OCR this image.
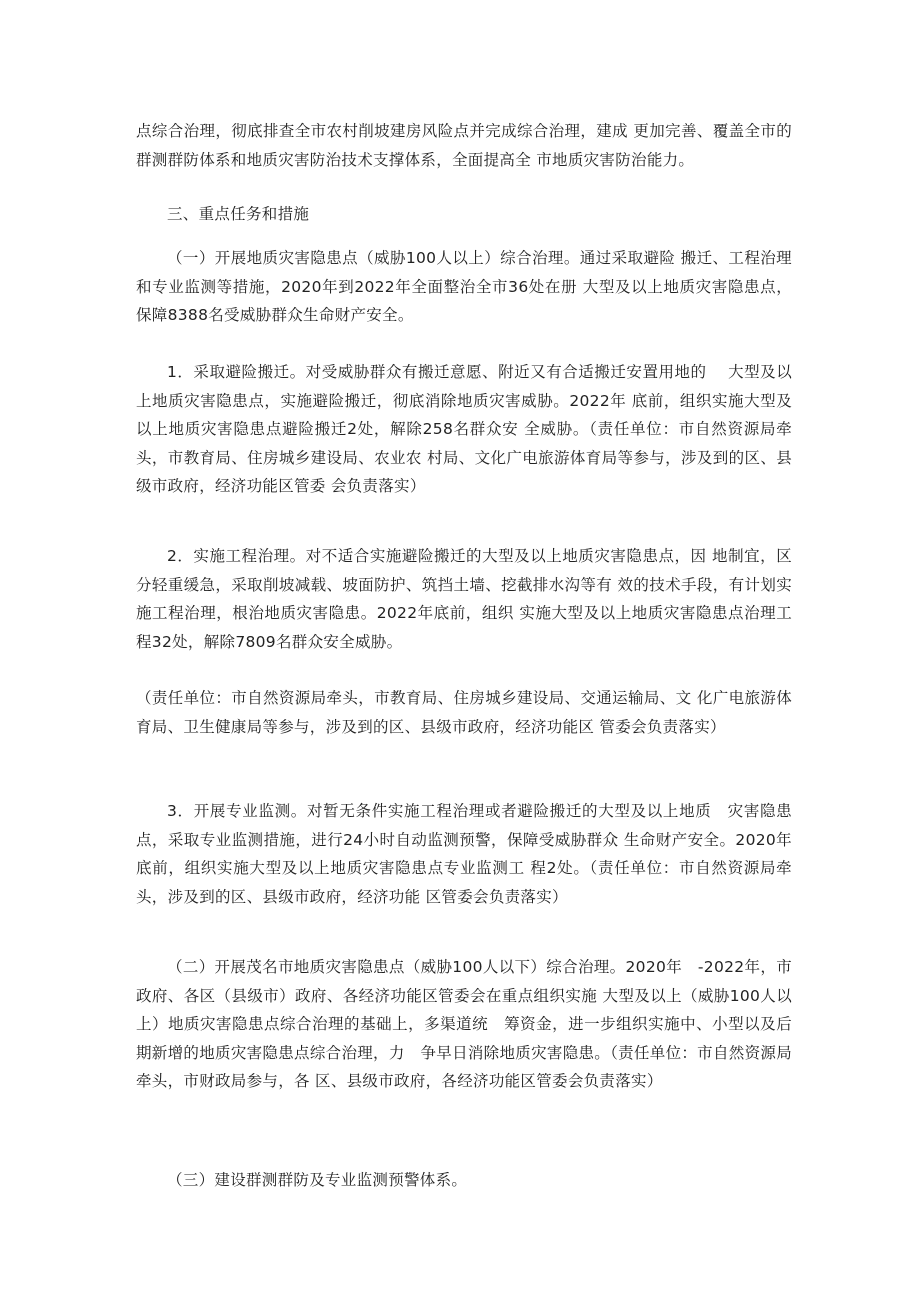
点综合治理，彻底排查全市农村削坡建房风险点并完成综合治理，建成 更加完善、覆盖全市的群测群防体系和地质灾害防治技术支撑体系，全面提高全 市地质灾害防治能力。

三、重点任务和措施

（一）开展地质灾害隐患点（威胁100人以上）综合治理。通过采取避险 搬迁、工程治理和专业监测等措施，2020年到2022年全面整治全市36处在册 大型及以上地质灾害隐患点，保障8388名受威胁群众生命财产安全。

1．采取避险搬迁。对受威胁群众有搬迁意愿、附近又有合适搬迁安置用地的　 大型及以上地质灾害隐患点，实施避险搬迁，彻底消除地质灾害威胁。2022年 底前，组织实施大型及以上地质灾害隐患点避险搬迁2处，解除258名群众安 全威胁。（责任单位：市自然资源局牵头，市教育局、住房城乡建设局、农业农 村局、文化广电旅游体育局等参与，涉及到的区、县级市政府，经济功能区管委 会负责落实）

2．实施工程治理。对不适合实施避险搬迁的大型及以上地质灾害隐患点，因 地制宜，区分轻重缓急，采取削坡减载、坡面防护、筑挡土墙、挖截排水沟等有 效的技术手段，有计划实施工程治理，根治地质灾害隐患。2022年底前，组织 实施大型及以上地质灾害隐患点治理工程32处，解除7809名群众安全威胁。

（责任单位：市自然资源局牵头，市教育局、住房城乡建设局、交通运输局、文 化广电旅游体育局、卫生健康局等参与，涉及到的区、县级市政府，经济功能区 管委会负责落实）

3．开展专业监测。对暂无条件实施工程治理或者避险搬迁的大型及以上地质　灾害隐患点，采取专业监测措施，进行24小时自动监测预警，保障受威胁群众 生命财产安全。2020年底前，组织实施大型及以上地质灾害隐患点专业监测工 程2处。（责任单位：市自然资源局牵头，涉及到的区、县级市政府，经济功能 区管委会负责落实）

（二）开展茂名市地质灾害隐患点（威胁100人以下）综合治理。2020年　-2022年，市政府、各区（县级市）政府、各经济功能区管委会在重点组织实施 大型及以上（威胁100人以上）地质灾害隐患点综合治理的基础上，多渠道统　筹资金，进一步组织实施中、小型以及后期新增的地质灾害隐患点综合治理，力　争早日消除地质灾害隐患。（责任单位：市自然资源局牵头，市财政局参与，各 区、县级市政府，各经济功能区管委会负责落实）

（三）建设群测群防及专业监测预警体系。
